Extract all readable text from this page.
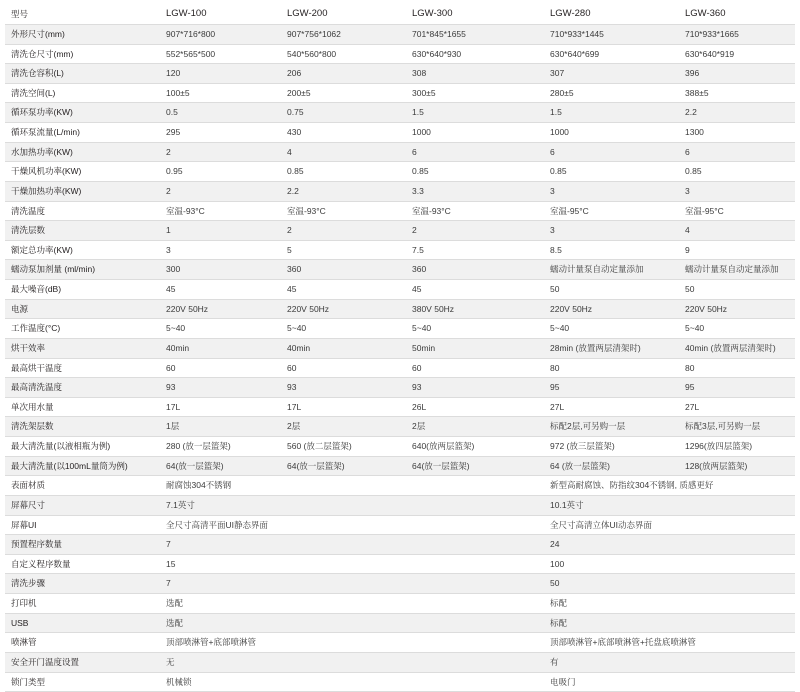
型号	LGW-100	LGW-200	LGW-300	LGW-280	LGW-360
外形尺寸(mm)	907*716*800	907*756*1062	701*845*1655	710*933*1445	710*933*1665
清洗仓尺寸(mm)	552*565*500	540*560*800	630*640*930	630*640*699	630*640*919
清洗仓容积(L)	120	206	308	307	396
清洗空间(L)	100±5	200±5	300±5	280±5	388±5
循环泵功率(KW)	0.5	0.75	1.5	1.5	2.2
循环泵流量(L/min)	295	430	1000	1000	1300
水加热功率(KW)	2	4	6	6	6
干燥风机功率(KW)	0.95	0.85	0.85	0.85	0.85
干燥加热功率(KW)	2	2.2	3.3	3	3
清洗温度	室温-93°C	室温-93°C	室温-93°C	室温-95°C	室温-95°C
清洗层数	1	2	2	3	4
额定总功率(KW)	3	5	7.5	8.5	9
蠕动泵加剂量 (ml/min)	300	360	360	蠕动计量泵自动定量添加	蠕动计量泵自动定量添加
最大噪音(dB)	45	45	45	50	50
电源	220V 50Hz	220V 50Hz	380V 50Hz	220V 50Hz	220V 50Hz
工作温度(°C)	5~40	5~40	5~40	5~40	5~40
烘干效率	40min	40min	50min	28min (放置两层清架时)	40min (放置两层清架时)
最高烘干温度	60	60	60	80	80
最高清洗温度	93	93	93	95	95
单次用水量	17L	17L	26L	27L	27L
清洗架层数	1层	2层	2层	标配2层,可另购一层	标配3层,可另购一层
最大清洗量(以液相瓶为例)	280 (放一层篮架)	560 (放二层篮架)	640(放两层篮架)	972 (放三层篮架)	1296(放四层篮架)
最大清洗量(以100mL量筒为例)	64(放一层篮架)	64(放一层篮架)	64(放一层篮架)	64 (放一层篮架)	128(放两层篮架)
表面材质	耐腐蚀304不锈钢			新型高耐腐蚀、防指纹304不锈钢, 质感更好	
屏幕尺寸	7.1英寸			10.1英寸	
屏幕UI	全尺寸高清平面UI静态界面			全尺寸高清立体UI动态界面	
预置程序数量	7			24	
自定义程序数量	15			100	
清洗步骤	7			50	
打印机	选配			标配	
USB	选配			标配	
喷淋管	顶部喷淋管+底部喷淋管			顶部喷淋管+底部喷淋管+托盘底喷淋管	
安全开门温度设置	无			有	
锁门类型	机械锁			电吸门	
